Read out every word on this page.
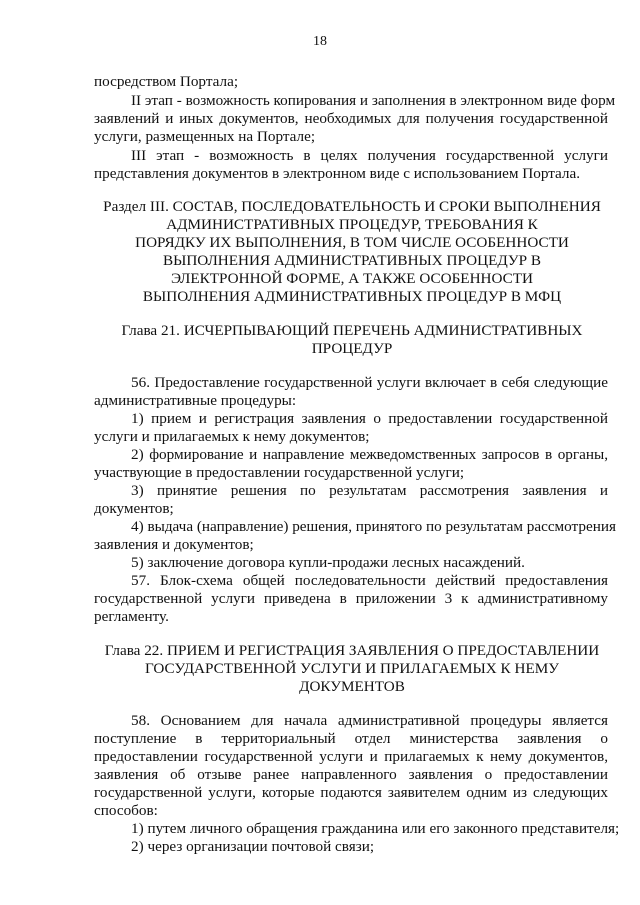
18
посредством Портала;
II этап - возможность копирования и заполнения в электронном виде форм
заявлений и иных документов, необходимых для получения государственной
услуги, размещенных на Портале;
III этап - возможность в целях получения государственной услуги
представления документов в электронном виде с использованием Портала.
Раздел III. СОСТАВ, ПОСЛЕДОВАТЕЛЬНОСТЬ И СРОКИ ВЫПОЛНЕНИЯ
АДМИНИСТРАТИВНЫХ ПРОЦЕДУР, ТРЕБОВАНИЯ К
ПОРЯДКУ ИХ ВЫПОЛНЕНИЯ, В ТОМ ЧИСЛЕ ОСОБЕННОСТИ
ВЫПОЛНЕНИЯ АДМИНИСТРАТИВНЫХ ПРОЦЕДУР В
ЭЛЕКТРОННОЙ ФОРМЕ, А ТАКЖЕ ОСОБЕННОСТИ
ВЫПОЛНЕНИЯ АДМИНИСТРАТИВНЫХ ПРОЦЕДУР В МФЦ
Глава 21. ИСЧЕРПЫВАЮЩИЙ ПЕРЕЧЕНЬ АДМИНИСТРАТИВНЫХ
ПРОЦЕДУР
56. Предоставление государственной услуги включает в себя следующие
административные процедуры:
1) прием и регистрация заявления о предоставлении государственной
услуги и прилагаемых к нему документов;
2) формирование и направление межведомственных запросов в органы,
участвующие в предоставлении государственной услуги;
3) принятие решения по результатам рассмотрения заявления и
документов;
4) выдача (направление) решения, принятого по результатам рассмотрения
заявления и документов;
5) заключение договора купли-продажи лесных насаждений.
57. Блок-схема общей последовательности действий предоставления
государственной услуги приведена в приложении 3 к административному
регламенту.
Глава 22. ПРИЕМ И РЕГИСТРАЦИЯ ЗАЯВЛЕНИЯ О ПРЕДОСТАВЛЕНИИ
ГОСУДАРСТВЕННОЙ УСЛУГИ И ПРИЛАГАЕМЫХ К НЕМУ
ДОКУМЕНТОВ
58. Основанием для начала административной процедуры является
поступление в территориальный отдел министерства заявления о
предоставлении государственной услуги и прилагаемых к нему документов,
заявления об отзыве ранее направленного заявления о предоставлении
государственной услуги, которые подаются заявителем одним из следующих
способов:
1) путем личного обращения гражданина или его законного представителя;
2) через организации почтовой связи;
